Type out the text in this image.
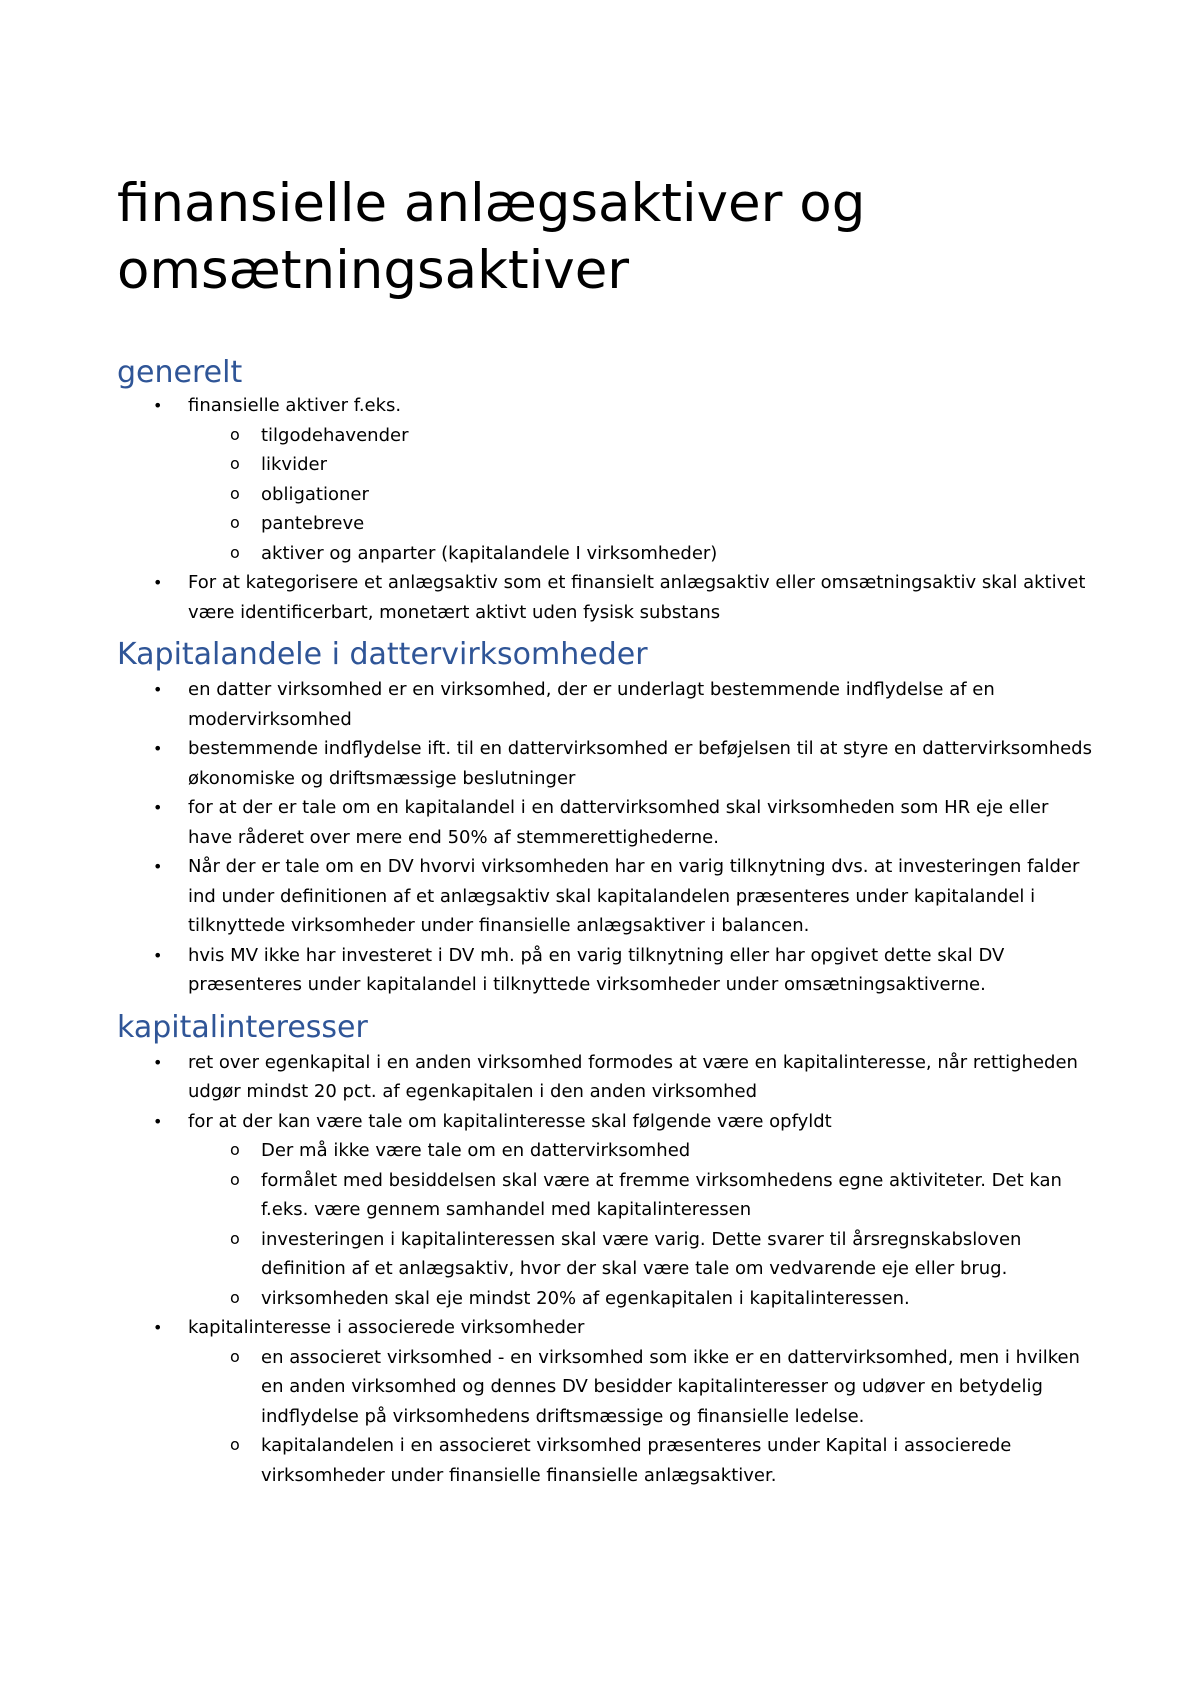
finansielle anlægsaktiver og omsætningsaktiver
generelt
• finansielle aktiver f.eks.
o tilgodehavender
o likvider
o obligationer
o pantebreve
o aktiver og anparter (kapitalandele I virksomheder)
• For at kategorisere et anlægsaktiv som et finansielt anlægsaktiv eller omsætningsaktiv skal aktivet være identificerbart, monetært aktivt uden fysisk substans
Kapitalandele i dattervirksomheder
• en datter virksomhed er en virksomhed, der er underlagt bestemmende indflydelse af en modervirksomhed
• bestemmende indflydelse ift. til en dattervirksomhed er beføjelsen til at styre en dattervirksomheds økonomiske og driftsmæssige beslutninger
• for at der er tale om en kapitalandel i en dattervirksomhed skal virksomheden som HR eje eller have råderet over mere end 50% af stemmerettighederne.
• Når der er tale om en DV hvorvi virksomheden har en varig tilknytning dvs. at investeringen falder ind under definitionen af et anlægsaktiv skal kapitalandelen præsenteres under kapitalandel i tilknyttede virksomheder under finansielle anlægsaktiver i balancen.
• hvis MV ikke har investeret i DV mh. på en varig tilknytning eller har opgivet dette skal DV præsenteres under kapitalandel i tilknyttede virksomheder under omsætningsaktiverne.
kapitalinteresser
• ret over egenkapital i en anden virksomhed formodes at være en kapitalinteresse, når rettigheden udgør mindst 20 pct. af egenkapitalen i den anden virksomhed
• for at der kan være tale om kapitalinteresse skal følgende være opfyldt
o Der må ikke være tale om en dattervirksomhed
o formålet med besiddelsen skal være at fremme virksomhedens egne aktiviteter. Det kan f.eks. være gennem samhandel med kapitalinteressen
o investeringen i kapitalinteressen skal være varig. Dette svarer til årsregnskabsloven definition af et anlægsaktiv, hvor der skal være tale om vedvarende eje eller brug.
o virksomheden skal eje mindst 20% af egenkapitalen i kapitalinteressen.
• kapitalinteresse i associerede virksomheder
o en associeret virksomhed - en virksomhed som ikke er en dattervirksomhed, men i hvilken en anden virksomhed og dennes DV besidder kapitalinteresser og udøver en betydelig indflydelse på virksomhedens driftsmæssige og finansielle ledelse.
o kapitalandelen i en associeret virksomhed præsenteres under Kapital i associerede virksomheder under finansielle finansielle anlægsaktiver.
